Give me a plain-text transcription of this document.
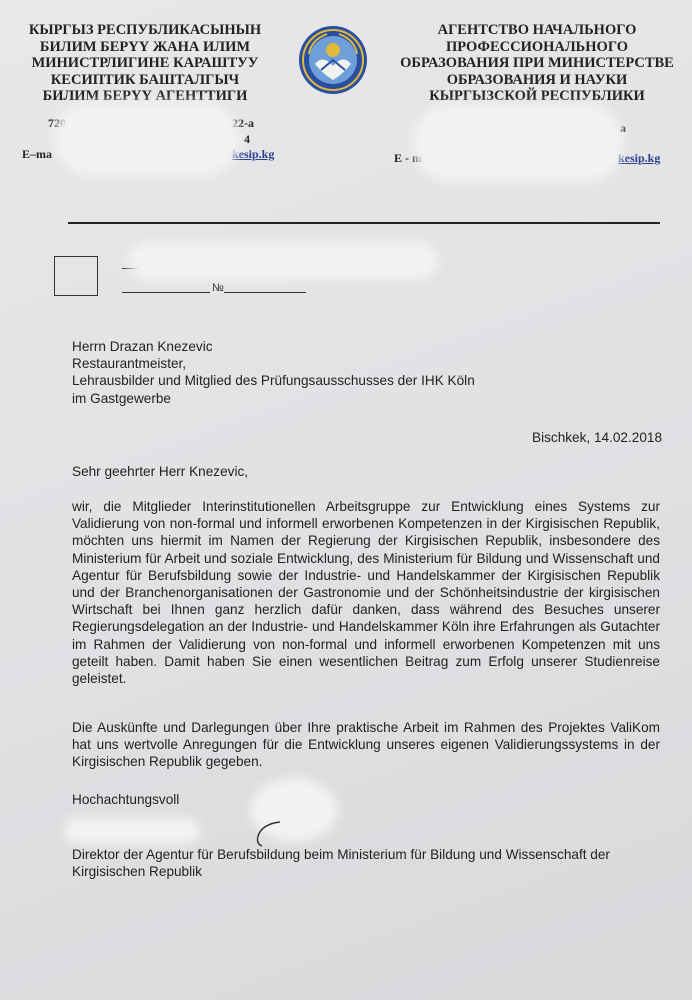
КЫРГЫЗ РЕСПУБЛИКАСЫНЫН
БИЛИМ БЕРҮҮ ЖАНА ИЛИМ
МИНИСТРЛИГИНЕ КАРАШТУУ
КЕСИПТИК БАШТАЛГЫЧ
БИЛИМ БЕРҮҮ АГЕНТТИГИ
АГЕНТСТВО НАЧАЛЬНОГО
ПРОФЕССИОНАЛЬНОГО
ОБРАЗОВАНИЯ ПРИ МИНИСТЕРСТВЕ
ОБРАЗОВАНИЯ И НАУКИ
КЫРГЫЗСКОЙ РЕСПУБЛИКИ
720	22-а
4
E–ma	kesip.kg
а
E - m	kesip.kg
№
Herrn Drazan Knezevic
Restaurantmeister,
Lehrausbilder und Mitglied des Prüfungsausschusses der IHK Köln
im Gastgewerbe
Bischkek, 14.02.2018
Sehr geehrter Herr Knezevic,
wir, die Mitglieder Interinstitutionellen Arbeitsgruppe zur Entwicklung eines Systems zur Validierung von non-formal und informell erworbenen Kompetenzen in der Kirgisischen Republik, möchten uns hiermit im Namen der Regierung der Kirgisischen Republik, insbesondere des Ministerium für Arbeit und soziale Entwicklung, des Ministerium für Bildung und Wissenschaft und Agentur für Berufsbildung sowie der Industrie- und Handelskammer der Kirgisischen Republik und der Branchenorganisationen der Gastronomie und der Schönheitsindustrie der kirgisischen Wirtschaft bei Ihnen ganz herzlich dafür danken, dass während des Besuches unserer Regierungsdelegation an der Industrie- und Handelskammer Köln ihre Erfahrungen als Gutachter im Rahmen der Validierung von non-formal und informell erworbenen Kompetenzen mit uns geteilt haben. Damit haben Sie einen wesentlichen Beitrag zum Erfolg unserer Studienreise geleistet.
Die Auskünfte und Darlegungen über Ihre praktische Arbeit im Rahmen des Projektes ValiKom hat uns wertvolle Anregungen für die Entwicklung unseres eigenen Validierungssystems in der Kirgisischen Republik gegeben.
Hochachtungsvoll
Direktor der Agentur für Berufsbildung beim Ministerium für Bildung und Wissenschaft der Kirgisischen Republik
